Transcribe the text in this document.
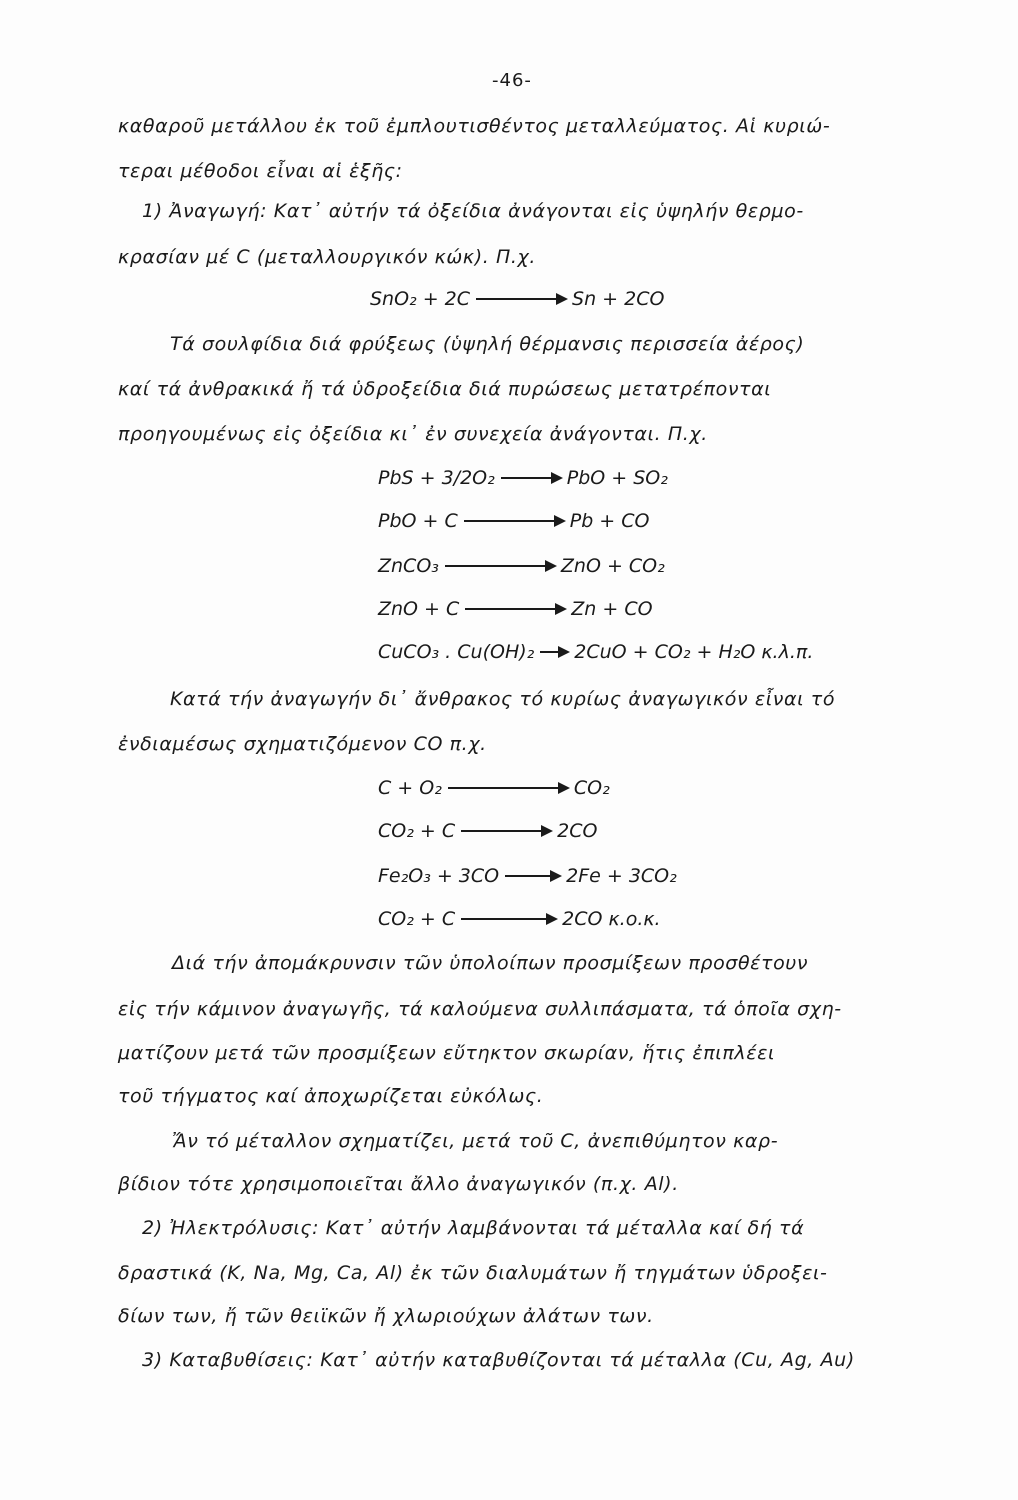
-46-
καθαροῦ μετάλλου ἐκ τοῦ ἐμπλουτισθέντος μεταλλεύματος. Αἱ κυριώ-
τεραι μέθοδοι εἶναι αἱ ἑξῆς:
1) Ἀναγωγή: Κατ᾿ αὐτήν τά ὀξείδια ἀνάγονται εἰς ὑψηλήν θερμο-
κρασίαν μέ C (μεταλλουργικόν κώκ). Π.χ.
SnO₂ + 2C	Sn + 2CO
Τά σουλφίδια διά φρύξεως (ὑψηλή θέρμανσις περισσεία ἀέρος)
καί τά ἀνθρακικά ἤ τά ὑδροξείδια διά πυρώσεως μετατρέπονται
προηγουμένως εἰς ὀξείδια κι᾿ ἐν συνεχεία ἀνάγονται. Π.χ.
PbS + 3/2O₂	PbO + SO₂
PbO + C	Pb + CO
ZnCO₃	ZnO + CO₂
ZnO + C	Zn + CO
CuCO₃ . Cu(OH)₂ 2CuO + CO₂ + H₂O κ.λ.π.
Κατά τήν ἀναγωγήν δι᾿ ἄνθρακος τό κυρίως ἀναγωγικόν εἶναι τό
ἐνδιαμέσως σχηματιζόμενον CO π.χ.
C + O₂	CO₂
CO₂ + C	2CO
Fe₂O₃ + 3CO	2Fe + 3CO₂
CO₂ + C	2CO κ.ο.κ.
Διά τήν ἀπομάκρυνσιν τῶν ὑπολοίπων προσμίξεων προσθέτουν
εἰς τήν κάμινον ἀναγωγῆς, τά καλούμενα συλλιπάσματα, τά ὁποῖα σχη-
ματίζουν μετά τῶν προσμίξεων εὔτηκτον σκωρίαν, ἥτις ἐπιπλέει
τοῦ τήγματος καί ἀποχωρίζεται εὐκόλως.
Ἄν τό μέταλλον σχηματίζει, μετά τοῦ C, ἀνεπιθύμητον καρ-
βίδιον τότε χρησιμοποιεῖται ἄλλο ἀναγωγικόν (π.χ. Al).
2) Ἠλεκτρόλυσις: Κατ᾿ αὐτήν λαμβάνονται τά μέταλλα καί δή τά
δραστικά (K, Na, Mg, Ca, Al) ἐκ τῶν διαλυμάτων ἤ τηγμάτων ὑδροξει-
δίων των, ἤ τῶν θειϊκῶν ἤ χλωριούχων ἀλάτων των.
3) Καταβυθίσεις: Κατ᾿ αὐτήν καταβυθίζονται τά μέταλλα (Cu, Ag, Au)
